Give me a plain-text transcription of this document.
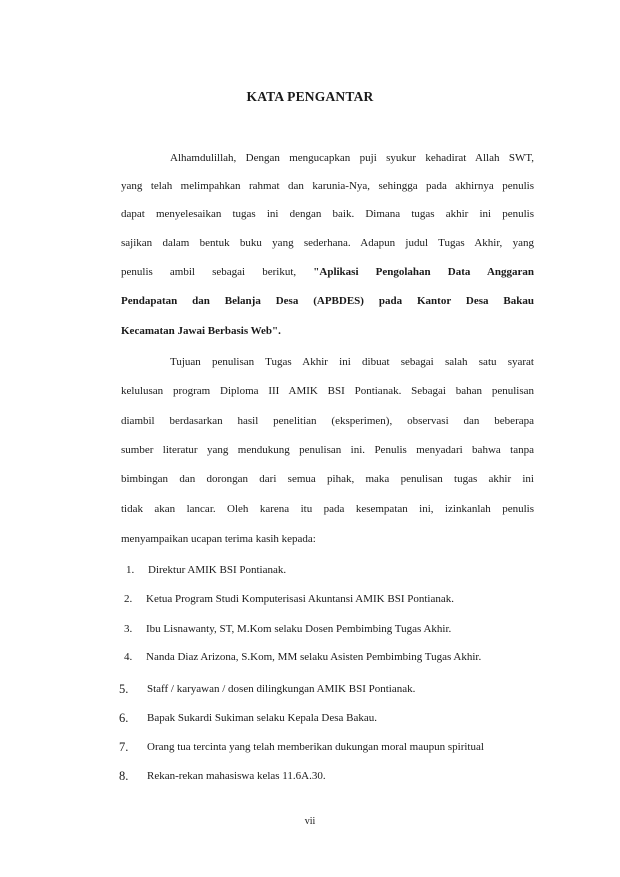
KATA PENGANTAR
Alhamdulillah, Dengan mengucapkan puji syukur kehadirat Allah SWT,
yang telah melimpahkan rahmat dan karunia-Nya, sehingga pada akhirnya penulis
dapat menyelesaikan tugas ini dengan baik. Dimana tugas akhir ini penulis
sajikan dalam bentuk buku yang sederhana. Adapun judul Tugas Akhir, yang
penulis ambil sebagai berikut, "Aplikasi Pengolahan Data Anggaran
Pendapatan dan Belanja Desa (APBDES) pada Kantor Desa Bakau
Kecamatan Jawai Berbasis Web".
Tujuan penulisan Tugas Akhir ini dibuat sebagai salah satu syarat
kelulusan program Diploma III AMIK BSI Pontianak. Sebagai bahan penulisan
diambil berdasarkan hasil penelitian (eksperimen), observasi dan beberapa
sumber literatur yang mendukung penulisan ini. Penulis menyadari bahwa tanpa
bimbingan dan dorongan dari semua pihak, maka penulisan tugas akhir ini
tidak akan lancar. Oleh karena itu pada kesempatan ini, izinkanlah penulis
menyampaikan ucapan terima kasih kepada:
1. Direktur AMIK BSI Pontianak.
2. Ketua Program Studi Komputerisasi Akuntansi AMIK BSI Pontianak.
3. Ibu Lisnawanty, ST, M.Kom selaku Dosen Pembimbing Tugas Akhir.
4. Nanda Diaz Arizona, S.Kom, MM selaku Asisten Pembimbing Tugas Akhir.
5. Staff / karyawan / dosen dilingkungan AMIK BSI Pontianak.
6. Bapak Sukardi Sukiman selaku Kepala Desa Bakau.
7. Orang tua tercinta yang telah memberikan dukungan moral maupun spiritual
8. Rekan-rekan mahasiswa kelas 11.6A.30.
vii
